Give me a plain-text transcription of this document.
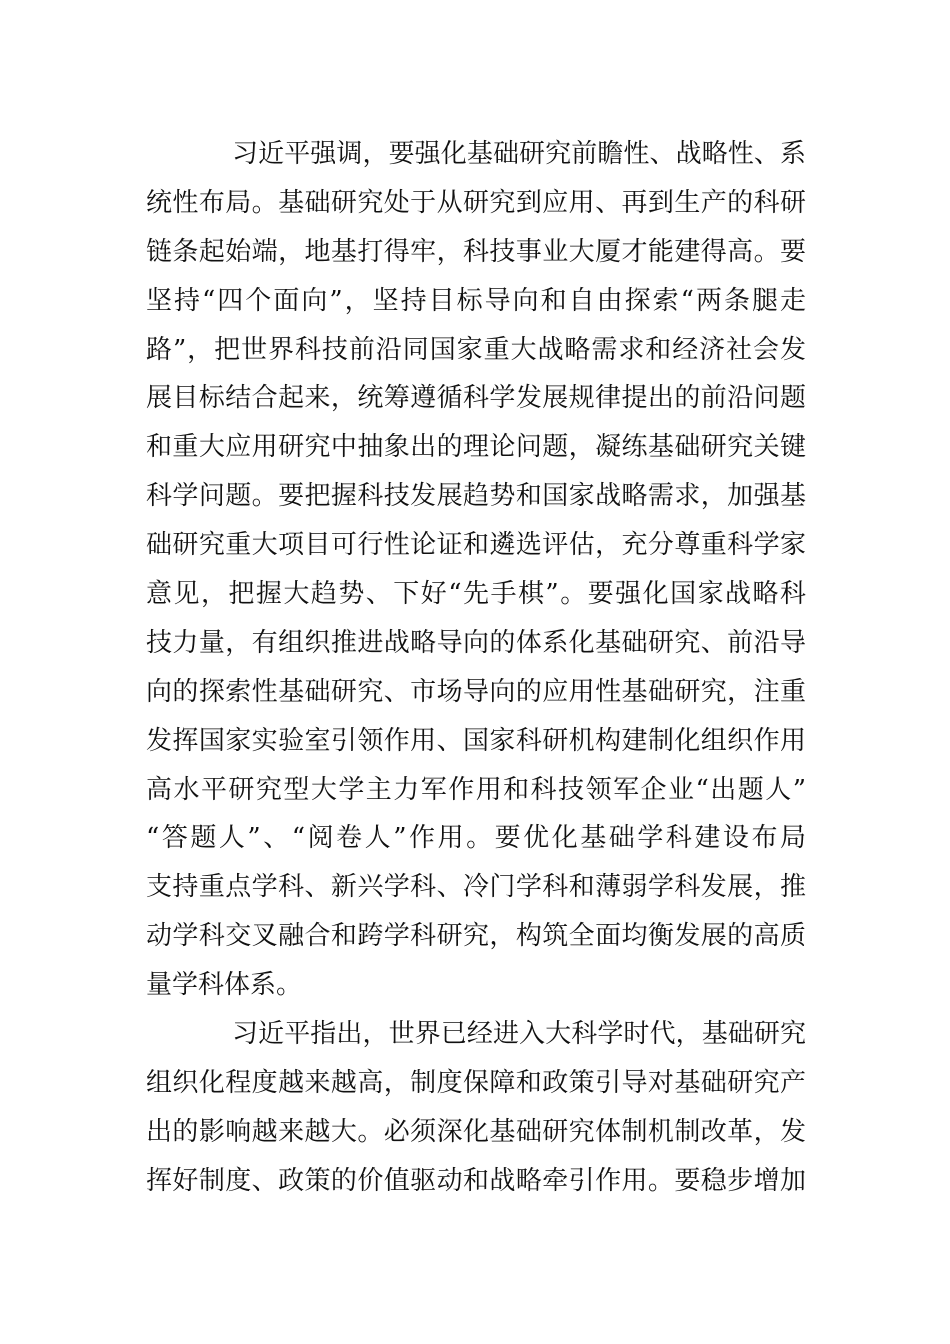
习近平强调，要强化基础研究前瞻性、战略性、系
统性布局。基础研究处于从研究到应用、再到生产的科研
链条起始端，地基打得牢，科技事业大厦才能建得高。要
坚持“四个面向”，坚持目标导向和自由探索“两条腿走
路”，把世界科技前沿同国家重大战略需求和经济社会发
展目标结合起来，统筹遵循科学发展规律提出的前沿问题
和重大应用研究中抽象出的理论问题，凝练基础研究关键
科学问题。要把握科技发展趋势和国家战略需求，加强基
础研究重大项目可行性论证和遴选评估，充分尊重科学家
意见，把握大趋势、下好“先手棋”。要强化国家战略科
技力量，有组织推进战略导向的体系化基础研究、前沿导
向的探索性基础研究、市场导向的应用性基础研究，注重
发挥国家实验室引领作用、国家科研机构建制化组织作用
高水平研究型大学主力军作用和科技领军企业“出题人”
“答题人”、“阅卷人”作用。要优化基础学科建设布局
支持重点学科、新兴学科、冷门学科和薄弱学科发展，推
动学科交叉融合和跨学科研究，构筑全面均衡发展的高质
量学科体系。
习近平指出，世界已经进入大科学时代，基础研究
组织化程度越来越高，制度保障和政策引导对基础研究产
出的影响越来越大。必须深化基础研究体制机制改革，发
挥好制度、政策的价值驱动和战略牵引作用。要稳步增加
